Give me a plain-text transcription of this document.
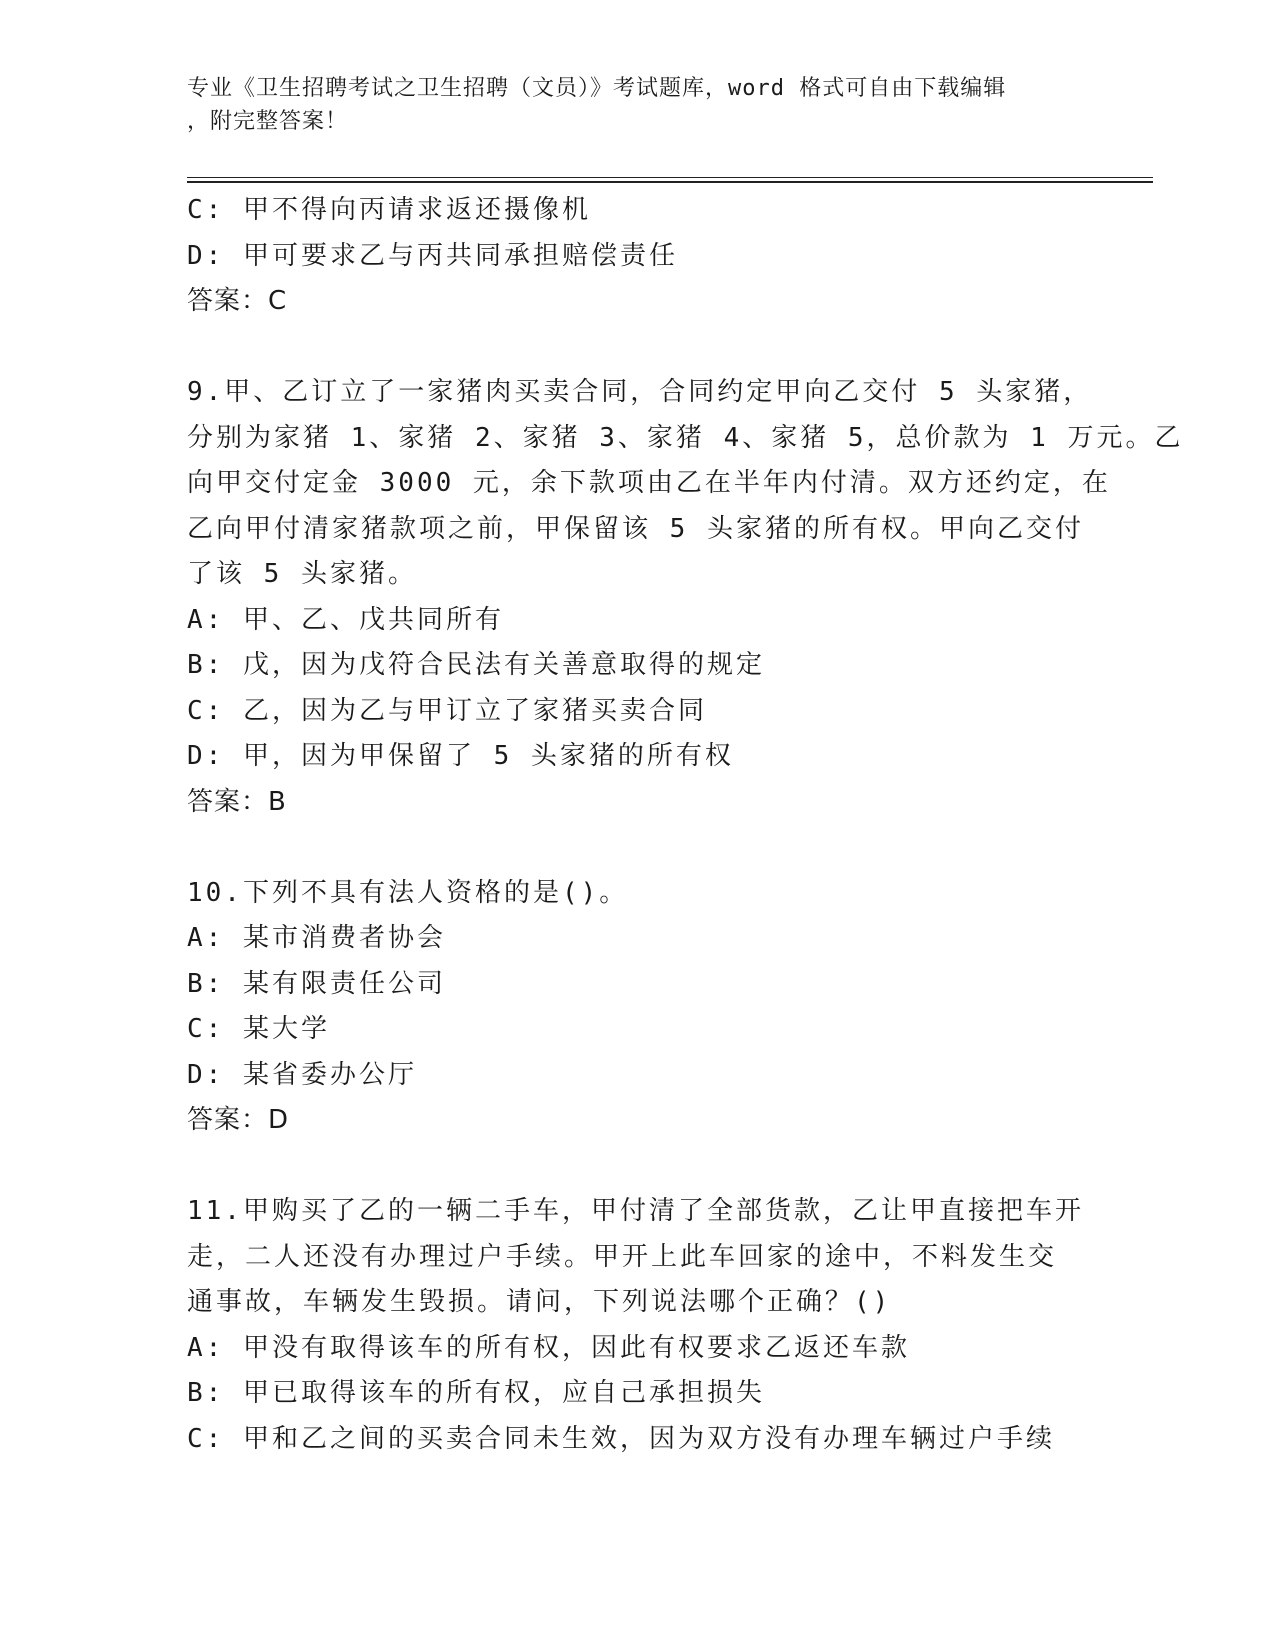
专业《卫生招聘考试之卫生招聘（文员）》考试题库，word 格式可自由下载编辑
，附完整答案！
C: 甲不得向丙请求返还摄像机
D: 甲可要求乙与丙共同承担赔偿责任
答案：C
9.甲、乙订立了一家猪肉买卖合同，合同约定甲向乙交付 5 头家猪，
分别为家猪 1、家猪 2、家猪 3、家猪 4、家猪 5，总价款为 1 万元。乙
向甲交付定金 3000 元，余下款项由乙在半年内付清。双方还约定，在
乙向甲付清家猪款项之前，甲保留该 5 头家猪的所有权。甲向乙交付
了该 5 头家猪。
A: 甲、乙、戊共同所有
B: 戊，因为戊符合民法有关善意取得的规定
C: 乙，因为乙与甲订立了家猪买卖合同
D: 甲，因为甲保留了 5 头家猪的所有权
答案：B
10.下列不具有法人资格的是()。
A: 某市消费者协会
B: 某有限责任公司
C: 某大学
D: 某省委办公厅
答案：D
11.甲购买了乙的一辆二手车，甲付清了全部货款，乙让甲直接把车开
走，二人还没有办理过户手续。甲开上此车回家的途中，不料发生交
通事故，车辆发生毁损。请问，下列说法哪个正确？()
A: 甲没有取得该车的所有权，因此有权要求乙返还车款
B: 甲已取得该车的所有权，应自己承担损失
C: 甲和乙之间的买卖合同未生效，因为双方没有办理车辆过户手续
